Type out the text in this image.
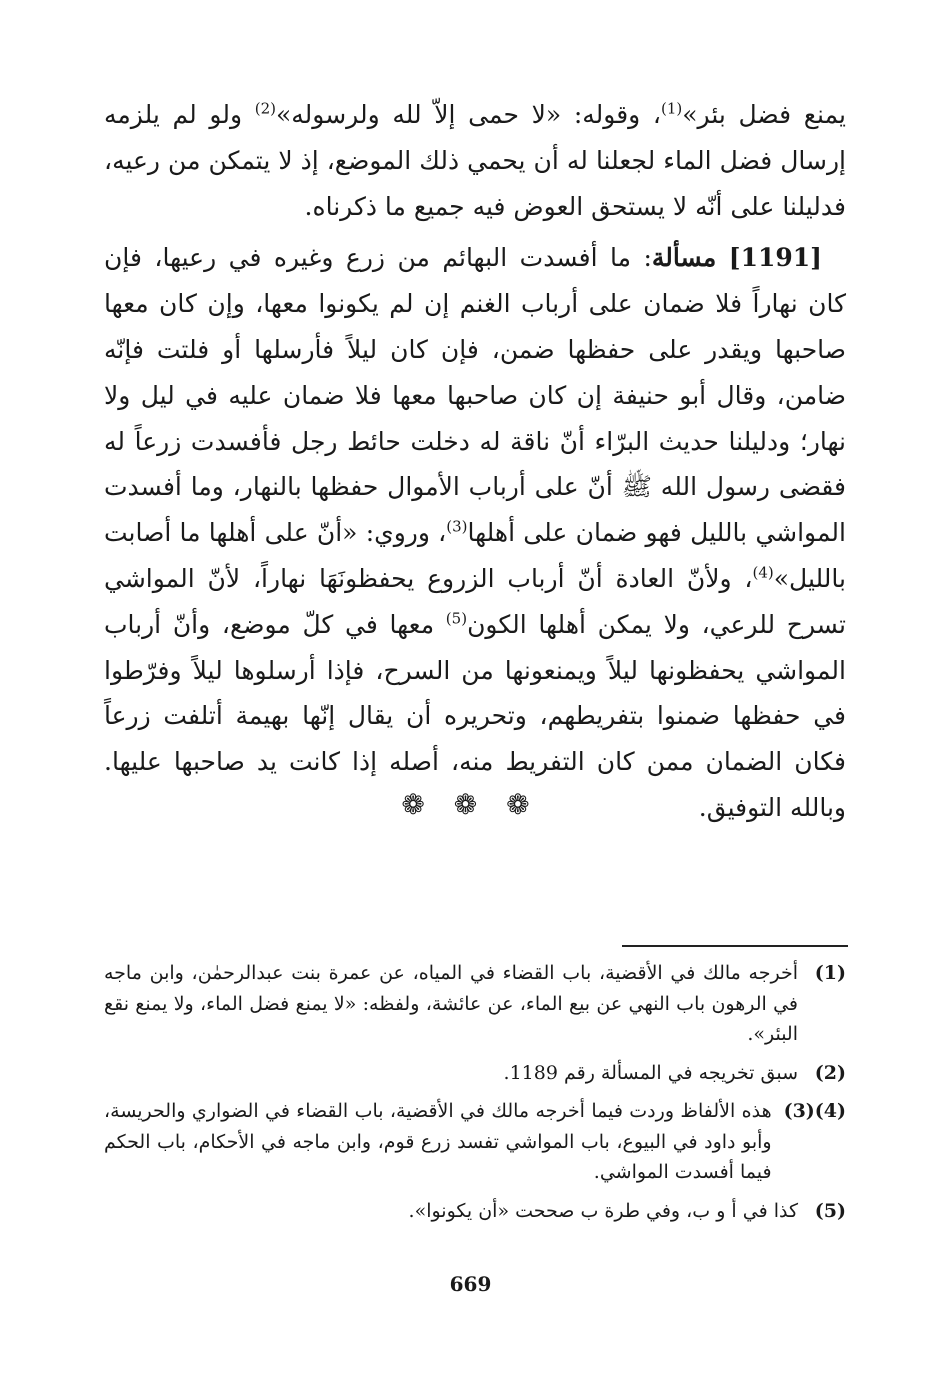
يمنع فضل بئر»$^{(1)}$، وقوله: «لا حمى إلاّ لله ولرسوله»$^{(2)}$ ولو لم يلزمه إرسال فضل الماء لجعلنا له أن يحمي ذلك الموضع، إذ لا يتمكن من رعيه، فدليلنا على أنّه لا يستحق العوض فيه جميع ما ذكرناه.

[1191] مسألة: ما أفسدت البهائم من زرع وغيره في رعيها، فإن كان نهاراً فلا ضمان على أرباب الغنم إن لم يكونوا معها، وإن كان معها صاحبها ويقدر على حفظها ضمن، فإن كان ليلاً فأرسلها أو فلتت فإنّه ضامن، وقال أبو حنيفة إن كان صاحبها معها فلا ضمان عليه في ليل ولا نهار؛ ودليلنا حديث البرّاء أنّ ناقة له دخلت حائط رجل فأفسدت زرعاً له فقضى رسول الله ﷺ أنّ على أرباب الأموال حفظها بالنهار، وما أفسدت المواشي بالليل فهو ضمان على أهلها$^{(3)}$، وروي: «أنّ على أهلها ما أصابت بالليل»$^{(4)}$، ولأنّ العادة أنّ أرباب الزروع يحفظونَهَا نهاراً، لأنّ المواشي تسرح للرعي، ولا يمكن أهلها الكون$^{(5)}$ معها في كلّ موضع، وأنّ أرباب المواشي يحفظونها ليلاً ويمنعونها من السرح، فإذا أرسلوها ليلاً وفرّطوا في حفظها ضمنوا بتفريطهم، وتحريره أن يقال إنّها بهيمة أتلفت زرعاً فكان الضمان ممن كان التفريط منه، أصله إذا كانت يد صاحبها عليها. وبالله التوفيق.

❁ ❁ ❁
(1)
أخرجه مالك في الأقضية، باب القضاء في المياه، عن عمرة بنت عبدالرحمٰن، وابن ماجه في الرهون باب النهي عن بيع الماء، عن عائشة، ولفظه: «لا يمنع فضل الماء، ولا يمنع نقع البئر».
(2)
سبق تخريجه في المسألة رقم 1189.
(3)(4)
هذه الألفاظ وردت فيما أخرجه مالك في الأقضية، باب القضاء في الضواري والحريسة، وأبو داود في البيوع، باب المواشي تفسد زرع قوم، وابن ماجه في الأحكام، باب الحكم فيما أفسدت المواشي.
(5)
كذا في أ و ب، وفي طرة ب صححت «أن يكونوا».
669
